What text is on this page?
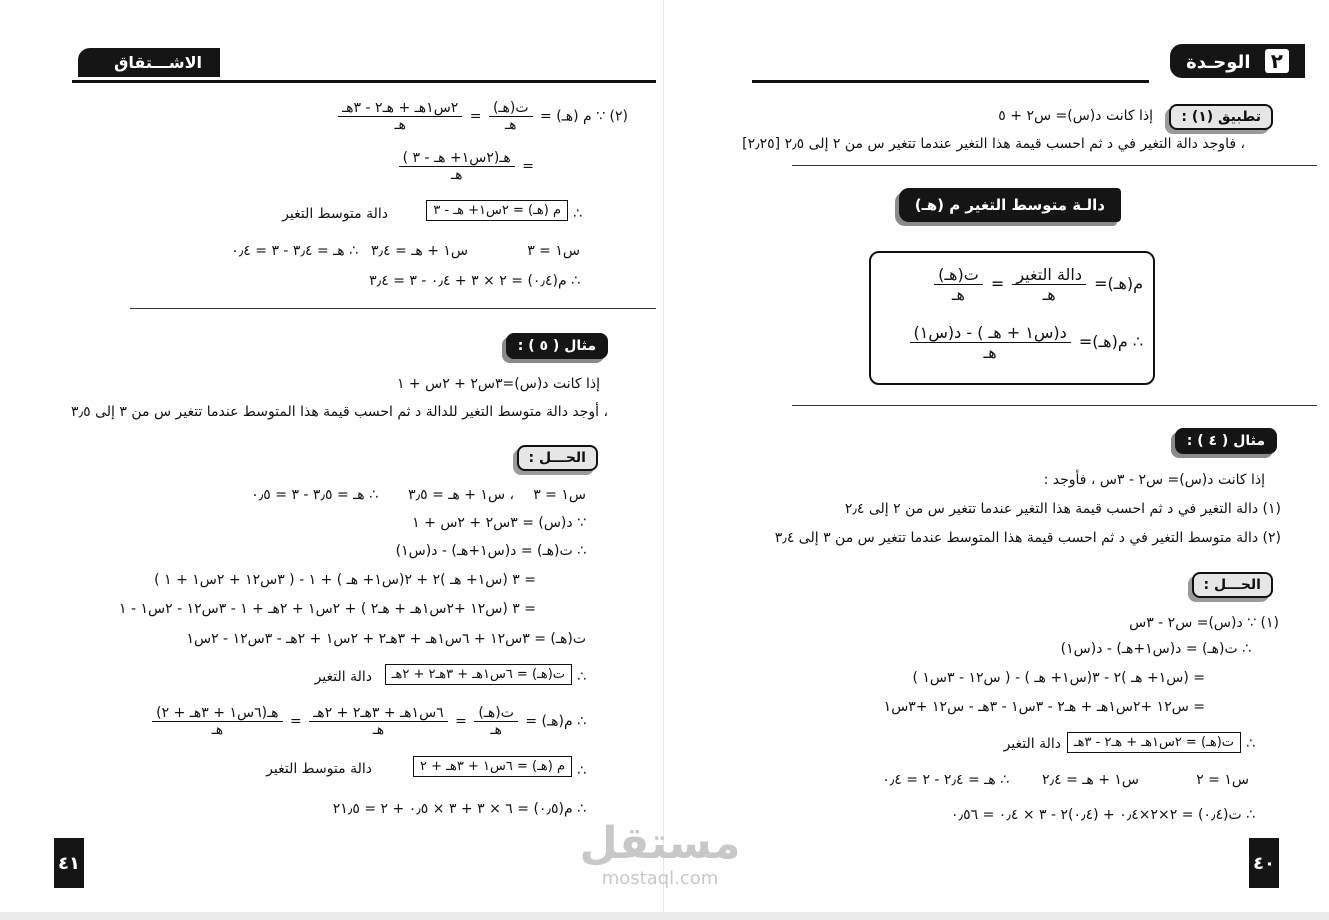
٢ الوحـدة
تطبيق (١) :
إذا كانت د(س)= س٢ + ٥
، فاوجد دالة التغير في د ثم احسب قيمة هذا التغير عندما تتغير س من ٢ إلى ٢٫٥ [٢٫٢٥]
دالـة متوسط التغير م (هـ)
م(هـ)=
$\frac{\text{دالة التغير}}{\text{هـ}}$
=
$\frac{\text{ت(هـ)}}{\text{هـ}}$
∴ م(هـ)=
$\frac{\text{د(س١ + هـ ) - د(س١)}}{\text{هـ}}$
مثال ( ٤ ) :
إذا كانت د(س)= س٢ - ٣س ، فأوجد :
(١) دالة التغير في د ثم احسب قيمة هذا التغير عندما تتغير س من ٢ إلى ٢٫٤
(٢) دالة متوسط التغير في د ثم احسب قيمة هذا المتوسط عندما تتغير س من ٣ إلى ٣٫٤
الحـــل :
(١) ∵ د(س)= س٢ - ٣س
∴ ت(هـ) = د(س١+هـ) - د(س١)
= (س١+ هـ )٢ - ٣(س١+ هـ ) - ( س١٢ - ٣س١ )
= س١٢ +٢س١هـ + هـ٢ - ٣س١ - ٣هـ - س١٢ +٣س١
∴
ت(هـ) = ٢س١هـ + هـ٢ - ٣هـ
دالة التغير
س١ = ٢
س١ + هـ = ٢٫٤
∴ هـ = ٢٫٤ - ٢ = ٠٫٤
∴ ت(٠٫٤) = ٢×٢×٠٫٤ + (٠٫٤)٢ - ٣ × ٠٫٤ = ٠٫٥٦
٤٠
الاشـــتقاق
(٢) ∵ م (هـ) =
$\frac{\text{ت(هـ)}}{\text{هـ}}$
=
$\frac{\text{٢س١هـ + هـ٢ - ٣هـ}}{\text{هـ}}$
=
$\frac{\text{هـ(٢س١+ هـ - ٣ )}}{\text{هـ}}$
∴
م (هـ) = ٢س١+ هـ - ٣
دالة متوسط التغير
س١ = ٣
س١ + هـ = ٣٫٤
∴ هـ = ٣٫٤ - ٣ = ٠٫٤
∴ م(٠٫٤) = ٢ × ٣ + ٠٫٤ - ٣ = ٣٫٤
مثال ( ٥ ) :
إذا كانت د(س)=٣س٢ + ٢س + ١
، أوجد دالة متوسط التغير للدالة د ثم احسب قيمة هذا المتوسط عندما تتغير س من ٣ إلى ٣٫٥
الحـــل :
س١ = ٣
، س١ + هـ = ٣٫٥
∴ هـ = ٣٫٥ - ٣ = ٠٫٥
∵ د(س) = ٣س٢ + ٢س + ١
∴ ت(هـ) = د(س١+هـ) - د(س١)
= ٣ (س١+ هـ )٢ + ٢(س١+ هـ ) + ١ - ( ٣س١٢ + ٢س١ + ١ )
= ٣ (س١٢ +٢س١هـ + هـ٢ ) + ٢س١ + ٢هـ + ١ - ٣س١٢ - ٢س١ - ١
ت(هـ) = ٣س١٢ + ٦س١هـ + ٣هـ٢ + ٢س١ + ٢هـ - ٣س١٢ - ٢س١
∴
ت(هـ) = ٦س١هـ + ٣هـ٢ + ٢هـ
دالة التغير
∴ م(هـ) =
$\frac{\text{ت(هـ)}}{\text{هـ}}$
=
$\frac{\text{٦س١هـ + ٣هـ٢ + ٢هـ}}{\text{هـ}}$
=
$\frac{\text{هـ(٦س١ + ٣هـ + ٢)}}{\text{هـ}}$
∴
م (هـ) = ٦س١ + ٣هـ + ٢
دالة متوسط التغير
∴ م(٠٫٥) = ٦ × ٣ + ٣ × ٠٫٥ + ٢ = ٢١٫٥
٤١	مستقل
mostaql.com
